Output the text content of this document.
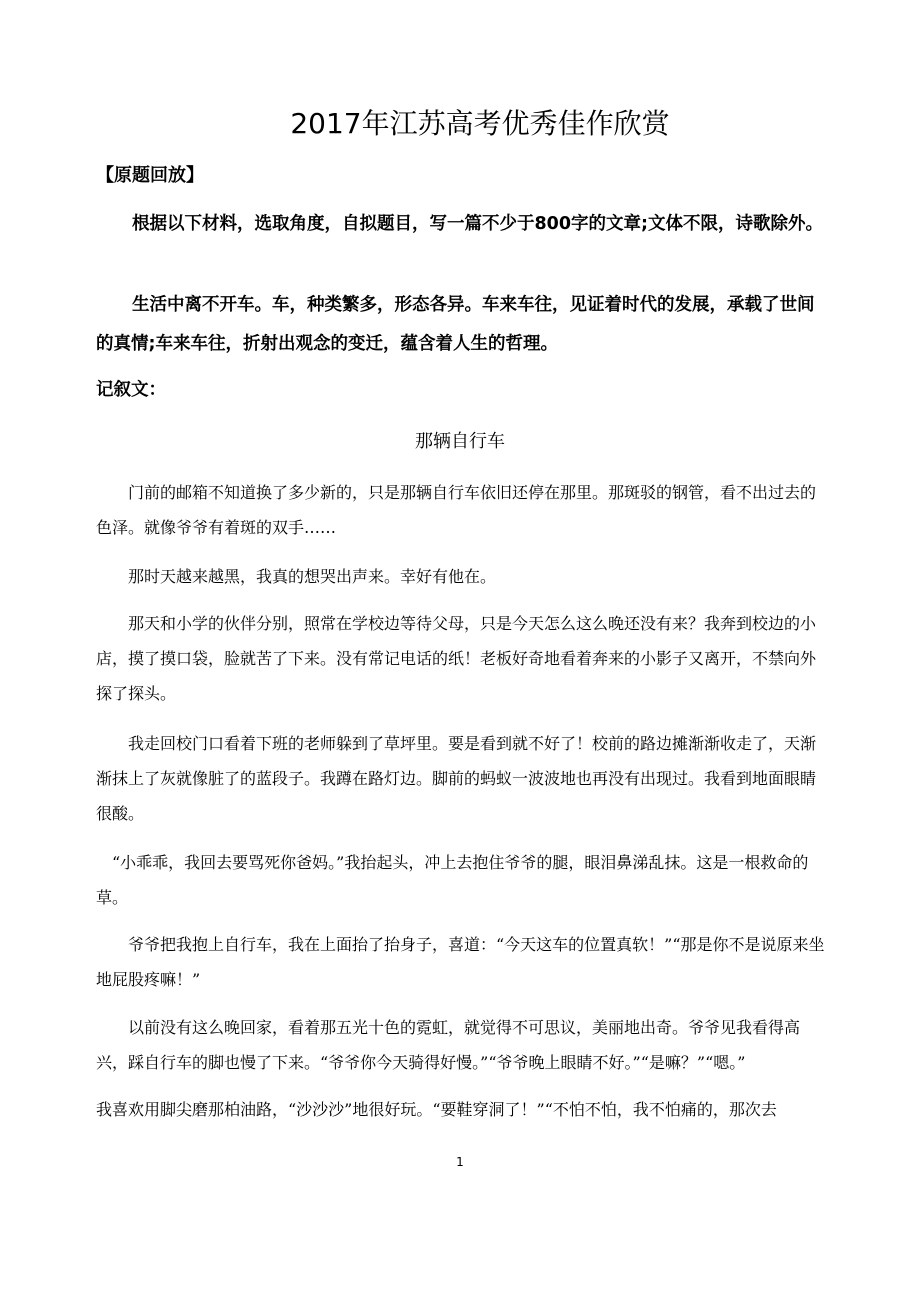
2017年江苏高考优秀佳作欣赏
【原题回放】
根据以下材料，选取角度，自拟题目，写一篇不少于800字的文章;文体不限，诗歌除外。
生活中离不开车。车，种类繁多，形态各异。车来车往，见证着时代的发展，承载了世间的真情;车来车往，折射出观念的变迁，蕴含着人生的哲理。
记叙文：
那辆自行车
门前的邮箱不知道换了多少新的，只是那辆自行车依旧还停在那里。那斑驳的钢管，看不出过去的色泽。就像爷爷有着斑的双手……
那时天越来越黑，我真的想哭出声来。幸好有他在。
那天和小学的伙伴分别，照常在学校边等待父母，只是今天怎么这么晚还没有来？我奔到校边的小店，摸了摸口袋，脸就苦了下来。没有常记电话的纸！老板好奇地看着奔来的小影子又离开，不禁向外探了探头。
我走回校门口看着下班的老师躲到了草坪里。要是看到就不好了！校前的路边摊渐渐收走了，天渐渐抹上了灰就像脏了的蓝段子。我蹲在路灯边。脚前的蚂蚁一波波地也再没有出现过。我看到地面眼睛很酸。
“小乖乖，我回去要骂死你爸妈。”我抬起头，冲上去抱住爷爷的腿，眼泪鼻涕乱抹。这是一根救命的草。
爷爷把我抱上自行车，我在上面抬了抬身子，喜道：“今天这车的位置真软！”“那是你不是说原来坐地屁股疼嘛！”
以前没有这么晚回家，看着那五光十色的霓虹，就觉得不可思议，美丽地出奇。爷爷见我看得高兴，踩自行车的脚也慢了下来。“爷爷你今天骑得好慢。”“爷爷晚上眼睛不好。”“是嘛？”“嗯。”
我喜欢用脚尖磨那柏油路，“沙沙沙”地很好玩。“要鞋穿洞了！”“不怕不怕，我不怕痛的，那次去
1
